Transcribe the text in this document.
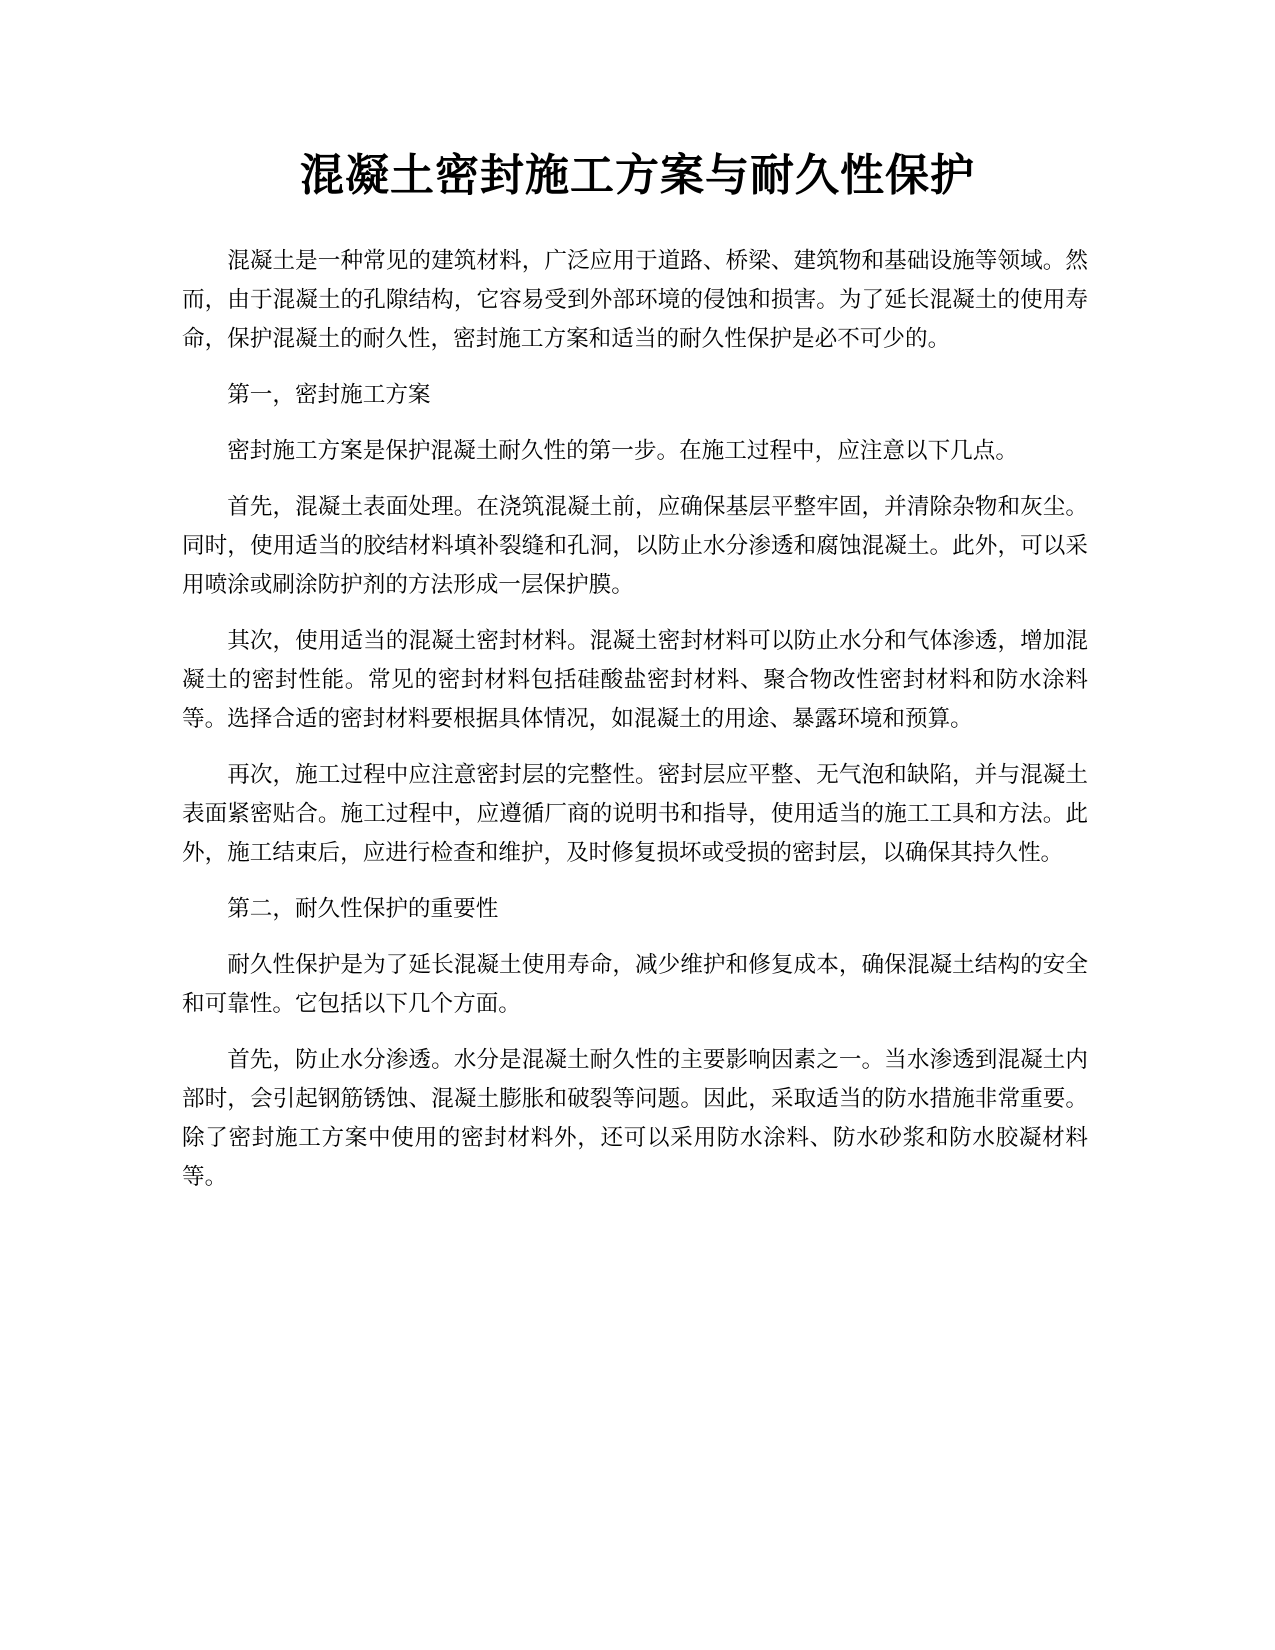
混凝土密封施工方案与耐久性保护

混凝土是一种常见的建筑材料，广泛应用于道路、桥梁、建筑物和基础设施等领域。然而，由于混凝土的孔隙结构，它容易受到外部环境的侵蚀和损害。为了延长混凝土的使用寿命，保护混凝土的耐久性，密封施工方案和适当的耐久性保护是必不可少的。

第一，密封施工方案

密封施工方案是保护混凝土耐久性的第一步。在施工过程中，应注意以下几点。

首先，混凝土表面处理。在浇筑混凝土前，应确保基层平整牢固，并清除杂物和灰尘。同时，使用适当的胶结材料填补裂缝和孔洞，以防止水分渗透和腐蚀混凝土。此外，可以采用喷涂或刷涂防护剂的方法形成一层保护膜。

其次，使用适当的混凝土密封材料。混凝土密封材料可以防止水分和气体渗透，增加混凝土的密封性能。常见的密封材料包括硅酸盐密封材料、聚合物改性密封材料和防水涂料等。选择合适的密封材料要根据具体情况，如混凝土的用途、暴露环境和预算。

再次，施工过程中应注意密封层的完整性。密封层应平整、无气泡和缺陷，并与混凝土表面紧密贴合。施工过程中，应遵循厂商的说明书和指导，使用适当的施工工具和方法。此外，施工结束后，应进行检查和维护，及时修复损坏或受损的密封层，以确保其持久性。

第二，耐久性保护的重要性

耐久性保护是为了延长混凝土使用寿命，减少维护和修复成本，确保混凝土结构的安全和可靠性。它包括以下几个方面。

首先，防止水分渗透。水分是混凝土耐久性的主要影响因素之一。当水渗透到混凝土内部时，会引起钢筋锈蚀、混凝土膨胀和破裂等问题。因此，采取适当的防水措施非常重要。除了密封施工方案中使用的密封材料外，还可以采用防水涂料、防水砂浆和防水胶凝材料等。
